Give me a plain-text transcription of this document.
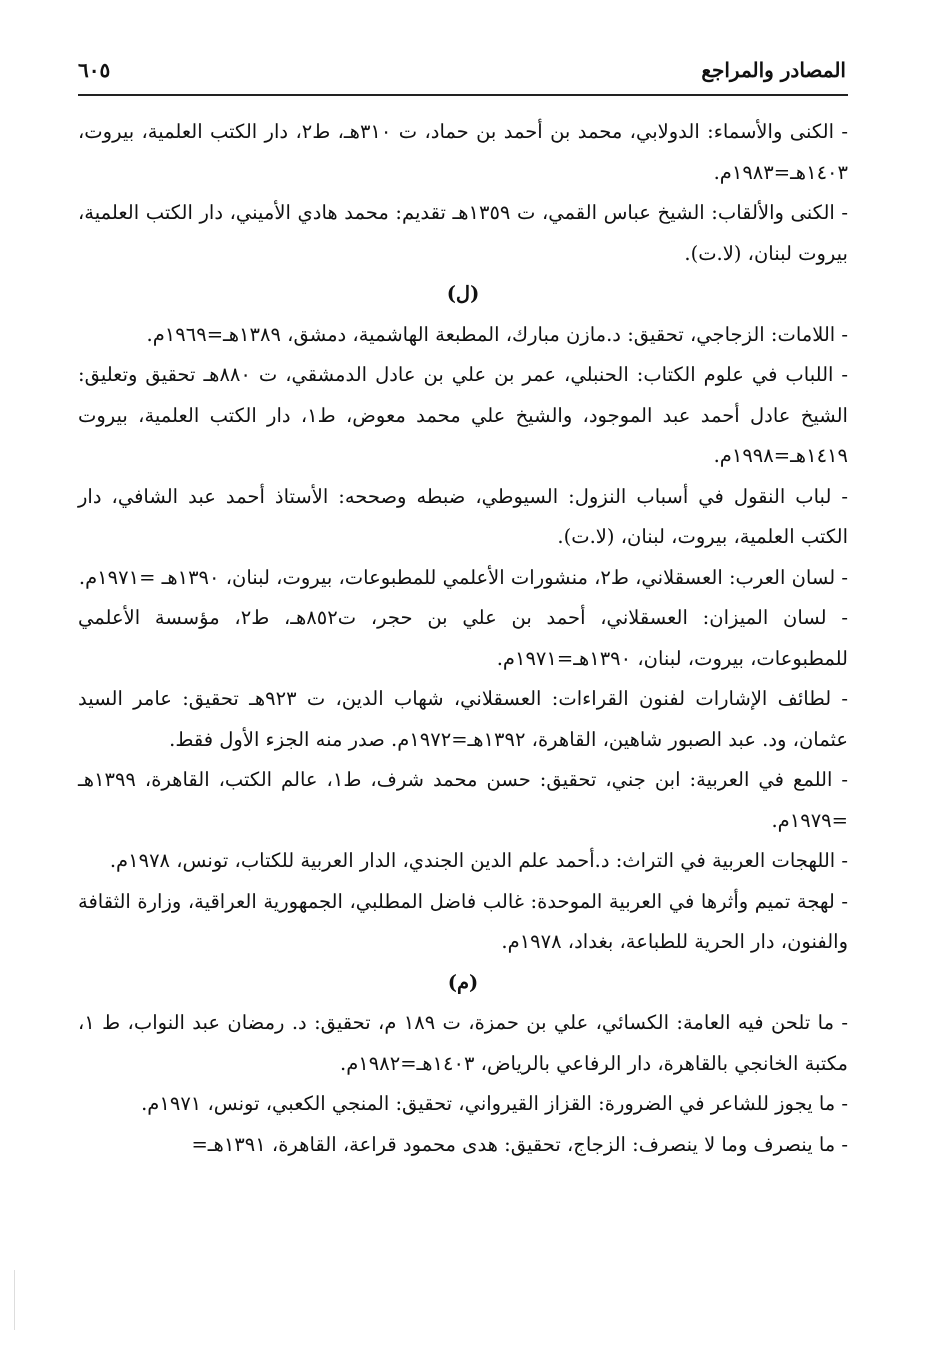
المصادر والمراجع
٦٠٥

- الكنى والأسماء: الدولابي، محمد بن أحمد بن حماد، ت ٣١٠هـ، ط٢، دار الكتب العلمية، بيروت، ١٤٠٣هـ=١٩٨٣م.

- الكنى والألقاب: الشيخ عباس القمي، ت ١٣٥٩هـ تقديم: محمد هادي الأميني، دار الكتب العلمية، بيروت لبنان، (لا.ت).

(ل)

- اللامات: الزجاجي، تحقيق: د.مازن مبارك، المطبعة الهاشمية، دمشق، ١٣٨٩هـ=١٩٦٩م.

- اللباب في علوم الكتاب: الحنبلي، عمر بن علي بن عادل الدمشقي، ت ٨٨٠هـ تحقيق وتعليق: الشيخ عادل أحمد عبد الموجود، والشيخ علي محمد معوض، ط١، دار الكتب العلمية، بيروت ١٤١٩هـ=١٩٩٨م.

- لباب النقول في أسباب النزول: السيوطي، ضبطه وصححه: الأستاذ أحمد عبد الشافي، دار الكتب العلمية، بيروت، لبنان، (لا.ت).

- لسان العرب: العسقلاني، ط٢، منشورات الأعلمي للمطبوعات، بيروت، لبنان، ١٣٩٠هـ =١٩٧١م.

- لسان الميزان: العسقلاني، أحمد بن علي بن حجر، ت٨٥٢هـ، ط٢، مؤسسة الأعلمي للمطبوعات، بيروت، لبنان، ١٣٩٠هـ=١٩٧١م.

- لطائف الإشارات لفنون القراءات: العسقلاني، شهاب الدين، ت ٩٢٣هـ تحقيق: عامر السيد عثمان، ود. عبد الصبور شاهين، القاهرة، ١٣٩٢هـ=١٩٧٢م. صدر منه الجزء الأول فقط.

- اللمع في العربية: ابن جني، تحقيق: حسن محمد شرف، ط١، عالم الكتب، القاهرة، ١٣٩٩هـ =١٩٧٩م.

- اللهجات العربية في التراث: د.أحمد علم الدين الجندي، الدار العربية للكتاب، تونس، ١٩٧٨م.

- لهجة تميم وأثرها في العربية الموحدة: غالب فاضل المطلبي، الجمهورية العراقية، وزارة الثقافة والفنون، دار الحرية للطباعة، بغداد، ١٩٧٨م.

(م)

- ما تلحن فيه العامة: الكسائي، علي بن حمزة، ت ١٨٩ م، تحقيق: د. رمضان عبد النواب، ط ١، مكتبة الخانجي بالقاهرة، دار الرفاعي بالرياض، ١٤٠٣هـ=١٩٨٢م.

- ما يجوز للشاعر في الضرورة: القزاز القيرواني، تحقيق: المنجي الكعبي، تونس، ١٩٧١م.

- ما ينصرف وما لا ينصرف: الزجاج، تحقيق: هدى محمود قراعة، القاهرة، ١٣٩١هـ=
